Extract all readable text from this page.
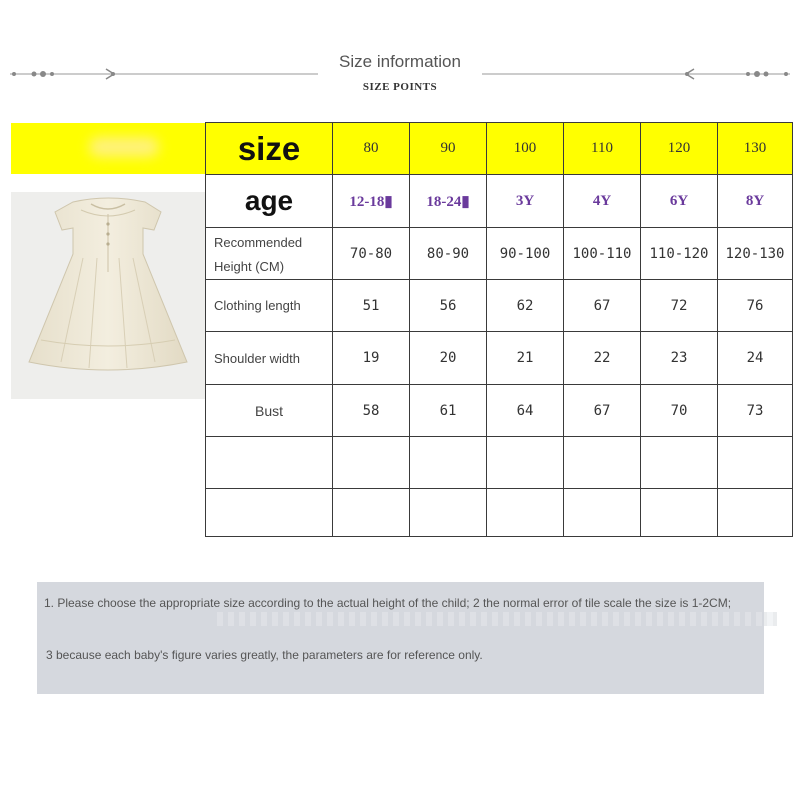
Size information
SIZE POINTS
size	80	90	100	110	120	130
age	12-18▮	18-24▮	3Y	4Y	6Y	8Y
Recommended
Height (CM)	70-80	80-90	90-100	100-110	110-120	120-130
Clothing length	51	56	62	67	72	76
Shoulder width	19	20	21	22	23	24
Bust	58	61	64	67	70	73

1. Please choose the appropriate size according to the actual height of the child; 2 the normal error of tile scale the size is 1-2CM;

3 because each baby's figure varies greatly, the parameters are for reference only.
